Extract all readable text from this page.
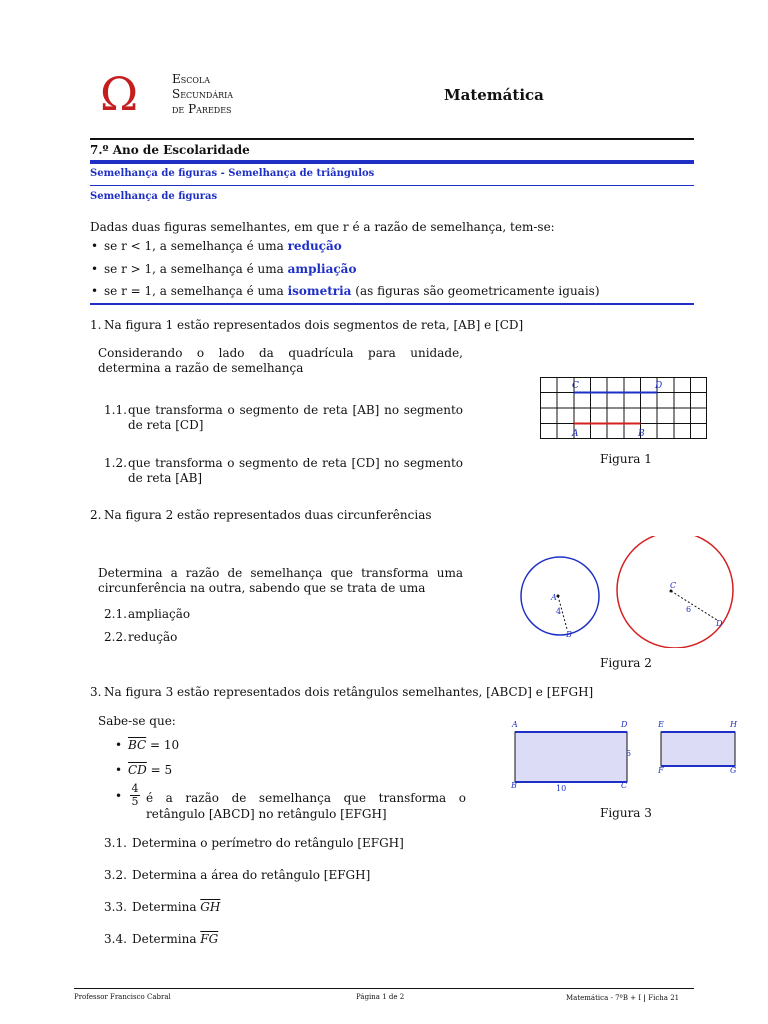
Ω	Escola
Secundária
de Paredes
Matemática
7.º Ano de Escolaridade
Semelhança de figuras - Semelhança de triângulos
Semelhança de figuras
Dadas duas figuras semelhantes, em que r é a razão de semelhança, tem-se:
• se r < 1, a semelhança é uma redução
• se r > 1, a semelhança é uma ampliação
• se r = 1, a semelhança é uma isometria (as figuras são geometricamente iguais)
1. Na figura 1 estão representados dois segmentos de reta, [AB] e [CD]
Considerando o lado da quadrícula para unidade, determina a razão de semelhança
1.1. que transforma o segmento de reta [AB] no segmento de reta [CD]
1.2. que transforma o segmento de reta [CD] no segmento de reta [AB]
C	D
A	B
Figura 1
2. Na figura 2 estão representados duas circunferências
Determina a razão de semelhança que transforma uma circunferência na outra, sabendo que se trata de uma
2.1. ampliação
2.2. redução
A
4
B
C
6
D
Figura 2
3. Na figura 3 estão representados dois retângulos semelhantes, [ABCD] e [EFGH]
Sabe-se que:
• $\overline{BC} = 10$
• $\overline{CD} = 5$
• $\frac{4}{5}$ é a razão de semelhança que transforma o retângulo [ABCD] no retângulo [EFGH]
3.1. Determina o perímetro do retângulo [EFGH]
3.2. Determina a área do retângulo [EFGH]
3.3. Determina $\overline{GH}$
3.4. Determina $\overline{FG}$
A	D
B	C
10
5
E	H
F	G
Figura 3
Professor Francisco Cabral	Página 1 de 2	Matemática - 7ºB + I | Ficha 21
